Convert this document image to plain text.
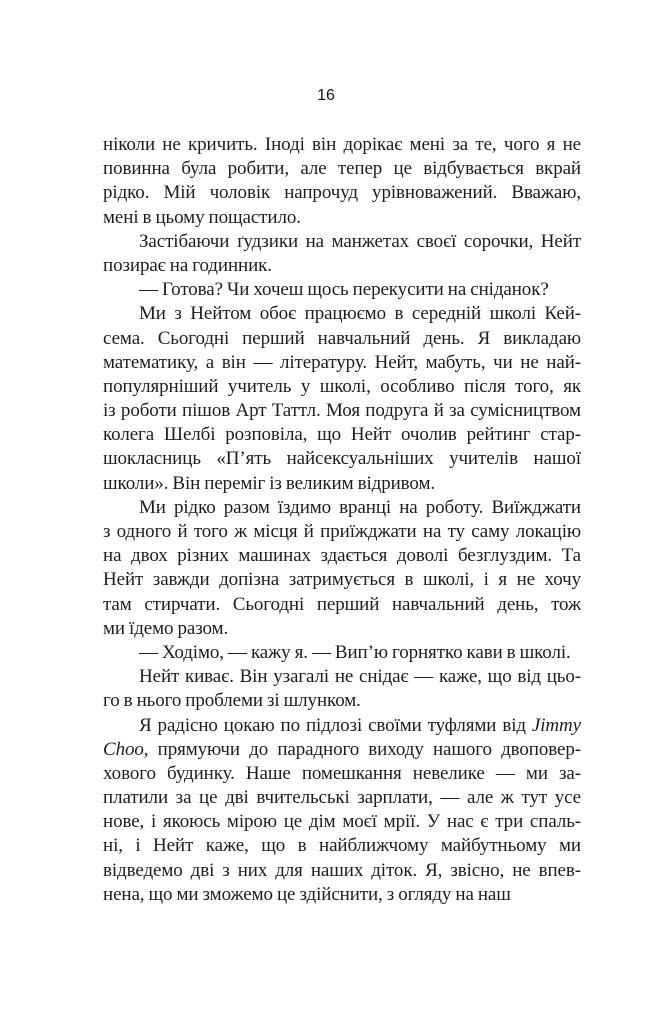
16
ніколи не кричить. Іноді він дорікає мені за те, чого я не
повинна була робити, але тепер це відбувається вкрай
рідко. Мій чоловік напрочуд урівноважений. Вважаю,
мені в цьому пощастило.
Застібаючи ґудзики на манжетах своєї сорочки, Нейт
позирає на годинник.
— Готова? Чи хочеш щось перекусити на сніданок?
Ми з Нейтом обоє працюємо в середній школі Кей-
сема. Сьогодні перший навчальний день. Я викладаю
математику, а він — літературу. Нейт, мабуть, чи не най-
популярніший учитель у школі, особливо після того, як
із роботи пішов Арт Таттл. Моя подруга й за сумісництвом
колега Шелбі розповіла, що Нейт очолив рейтинг стар-
шокласниць «П’ять найсексуальніших учителів нашої
школи». Він переміг із великим відривом.
Ми рідко разом їздимо вранці на роботу. Виїжджати
з одного й того ж місця й приїжджати на ту саму локацію
на двох різних машинах здається доволі безглуздим. Та
Нейт завжди допізна затримується в школі, і я не хочу
там стирчати. Сьогодні перший навчальний день, тож
ми їдемо разом.
— Ходімо, — кажу я. — Вип’ю горнятко кави в школі.
Нейт киває. Він узагалі не снідає — каже, що від цьо-
го в нього проблеми зі шлунком.
Я радісно цокаю по підлозі своїми туфлями від Jimmy
Choo, прямуючи до парадного виходу нашого двоповер-
хового будинку. Наше помешкання невелике — ми за-
платили за це дві вчительські зарплати, — але ж тут усе
нове, і якоюсь мірою це дім моєї мрії. У нас є три спаль-
ні, і Нейт каже, що в найближчому майбутньому ми
відведемо дві з них для наших діток. Я, звісно, не впев-
нена, що ми зможемо це здійснити, з огляду на наш
